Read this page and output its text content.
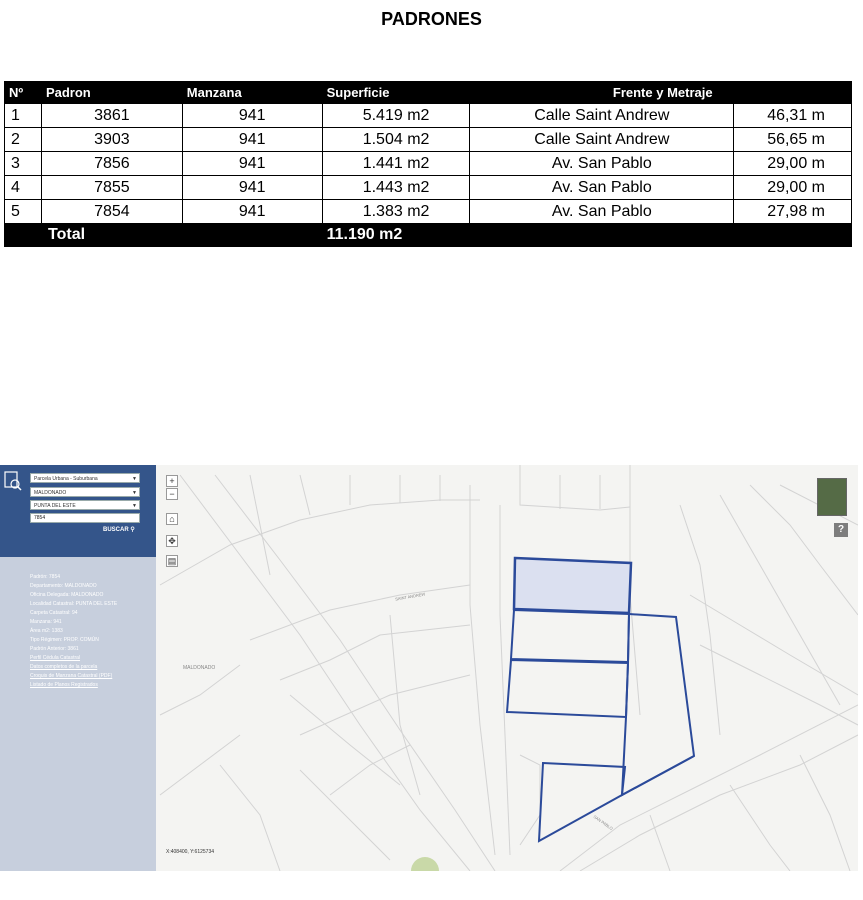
PADRONES
Nº	Padron	Manzana	Superficie	Frente y Metraje	
1	3861	941	5.419 m2	Calle Saint Andrew	46,31 m
2	3903	941	1.504 m2	Calle Saint Andrew	56,65 m
3	7856	941	1.441 m2	Av. San Pablo	29,00 m
4	7855	941	1.443 m2	Av. San Pablo	29,00 m
5	7854	941	1.383 m2	Av. San Pablo	27,98 m
Total			11.190 m2		
Parcela Urbana - Suburbana	▼
MALDONADO	▼
PUNTA DEL ESTE	▼
7854
BUSCAR ⚲
Padrón: 7854
Departamento: MALDONADO
Oficina Delegada: MALDONADO
Localidad Catastral: PUNTA DEL ESTE
Carpeta Catastral: 94
Manzana: 941
Área m2: 1383
Tipo Régimen: PROP. COMÚN
Padrón Anterior: 3861
Perfil Cédula Catastral
Datos completos de la parcela
Croquis de Manzana Catastral (PDF)
Listado de Planos Registrados
+
−
⌂
✥
▤
MALDONADO
SAINT ANDREW
SAN PABLO
?
X:408400, Y:6125734
